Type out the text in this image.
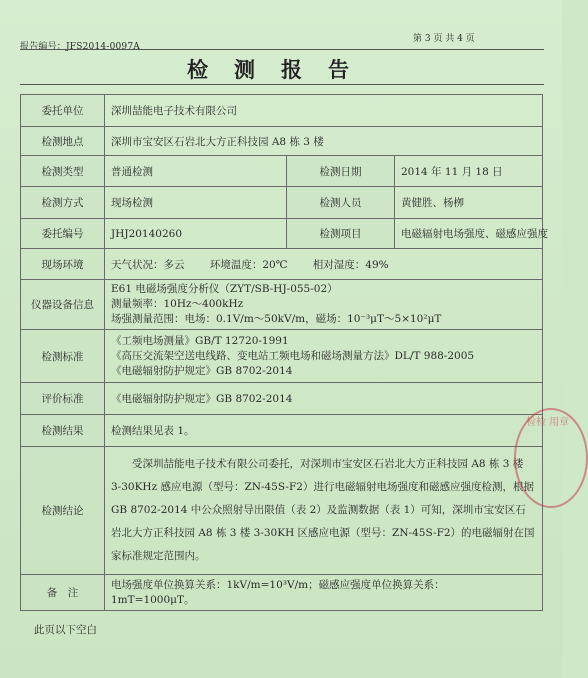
报告编号：JFS2014-0097A
第 3 页 共 4 页
检测报告
委托单位	深圳喆能电子技术有限公司		
检测地点	深圳市宝安区石岩北大方正科技园 A8 栋 3 楼		
检测类型	普通检测	检测日期	2014 年 11 月 18 日
检测方式	现场检测	检测人员	黄健胜、杨栁
委托编号	JHJ20140260	检测项目	电磁辐射电场强度、磁感应强度
现场环境	天气状况：多云 环境温度：20℃ 相对湿度：49%		
仪器设备信息	E61 电磁场强度分析仪（ZYT/SB-HJ-055-02）
测量频率：10Hz～400kHz
场强测量范围：电场：0.1V/m～50kV/m，磁场：10⁻³μT～5×10²μT		

检测标准	《工频电场测量》GB/T 12720-1991
《高压交流架空送电线路、变电站工频电场和磁场测量方法》DL/T 988-2005
《电磁辐射防护规定》GB 8702-2014		

评价标准	《电磁辐射防护规定》GB 8702-2014		
检测结果	检测结果见表 1。		
检测结论	受深圳喆能电子技术有限公司委托，对深圳市宝安区石岩北大方正科技园 A8 栋 3 楼 3-30KHz 感应电源（型号：ZN-45S-F2）进行电磁辐射电场强度和磁感应强度检测，根据 GB 8702-2014 中公众照射导出限值（表 2）及监测数据（表 1）可知，深圳市宝安区石岩北大方正科技园 A8 栋 3 楼 3-30KH 区感应电源（型号：ZN-45S-F2）的电磁辐射在国家标准规定范围内。		

备　注	电场强度单位换算关系：1kV/m=10³V/m；磁感应强度单位换算关系：
1mT=1000μT。		
此页以下空白
检检 用章
